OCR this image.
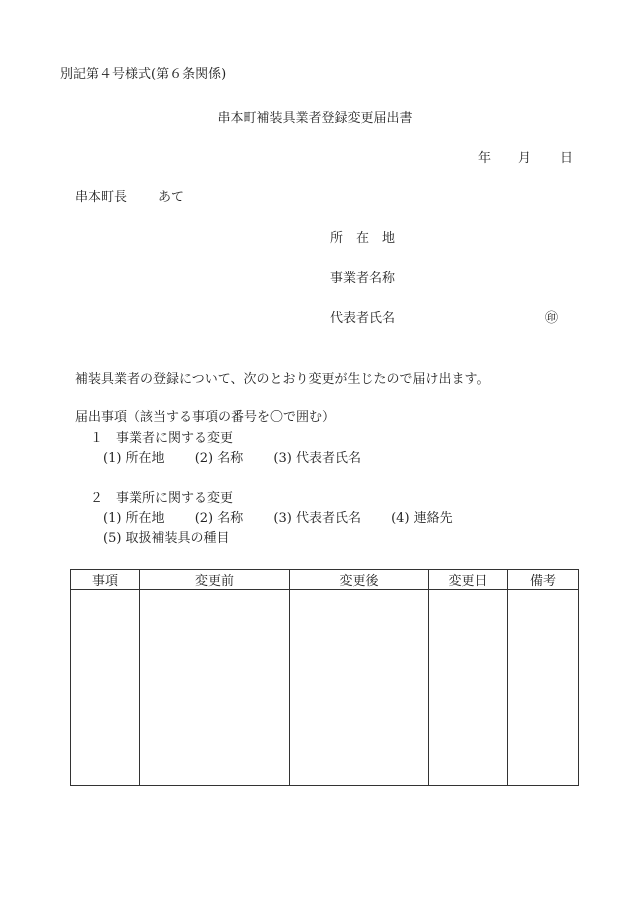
別記第４号様式(第６条関係)
串本町補装具業者登録変更届出書
年 月 日
串本町長 あて
所　在　地
事業者名称
代表者氏名	㊞
補装具業者の登録について、次のとおり変更が生じたので届け出ます。
届出事項（該当する事項の番号を〇で囲む）
１　事業者に関する変更
(1) 所在地 (2) 名称 (3) 代表者氏名
２　事業所に関する変更
(1) 所在地 (2) 名称 (3) 代表者氏名 (4) 連絡先
(5) 取扱補装具の種目
事項	変更前	変更後	変更日	備考
